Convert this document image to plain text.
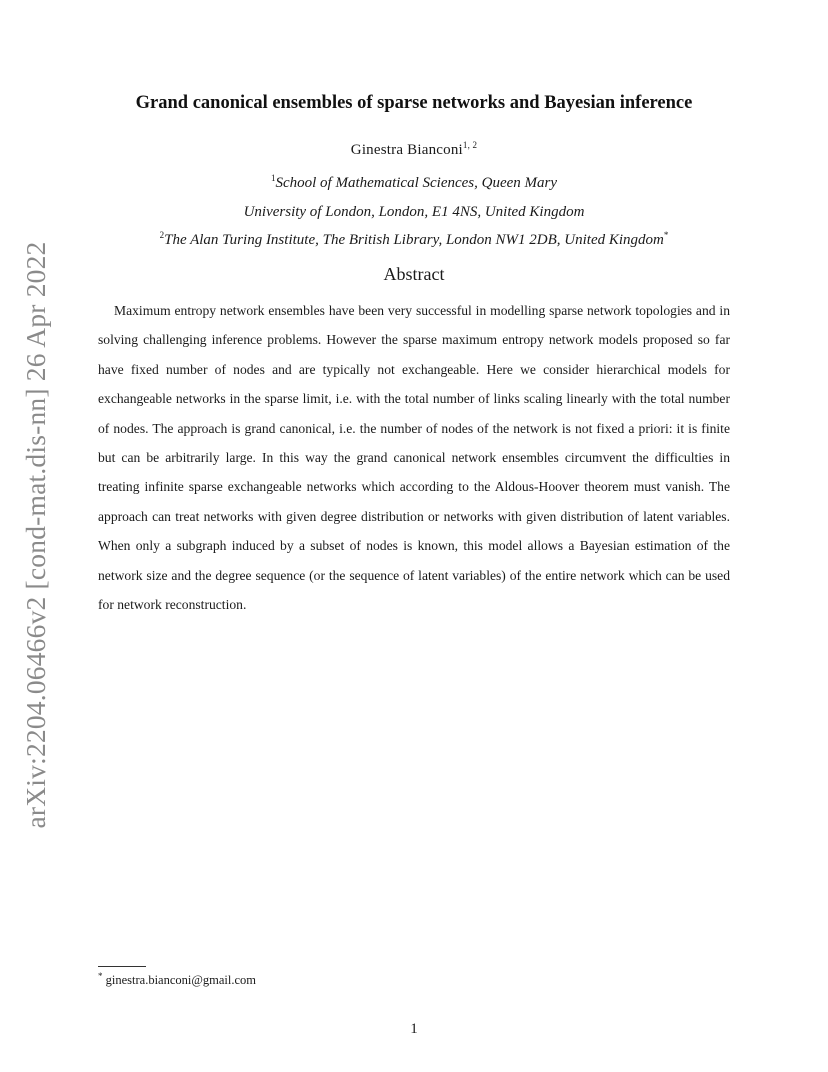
arXiv:2204.06466v2 [cond-mat.dis-nn] 26 Apr 2022
Grand canonical ensembles of sparse networks and Bayesian inference
Ginestra Bianconi$^{1, 2}$
$^1$School of Mathematical Sciences, Queen Mary
University of London, London, E1 4NS, United Kingdom
$^2$The Alan Turing Institute, The British Library, London NW1 2DB, United Kingdom*
Abstract
Maximum entropy network ensembles have been very successful in modelling sparse network topologies and in solving challenging inference problems. However the sparse maximum entropy network models proposed so far have fixed number of nodes and are typically not exchangeable. Here we consider hierarchical models for exchangeable networks in the sparse limit, i.e. with the total number of links scaling linearly with the total number of nodes. The approach is grand canonical, i.e. the number of nodes of the network is not fixed a priori: it is finite but can be arbitrarily large. In this way the grand canonical network ensembles circumvent the difficulties in treating infinite sparse exchangeable networks which according to the Aldous-Hoover theorem must vanish. The approach can treat networks with given degree distribution or networks with given distribution of latent variables. When only a subgraph induced by a subset of nodes is known, this model allows a Bayesian estimation of the network size and the degree sequence (or the sequence of latent variables) of the entire network which can be used for network reconstruction.
* ginestra.bianconi@gmail.com
1
